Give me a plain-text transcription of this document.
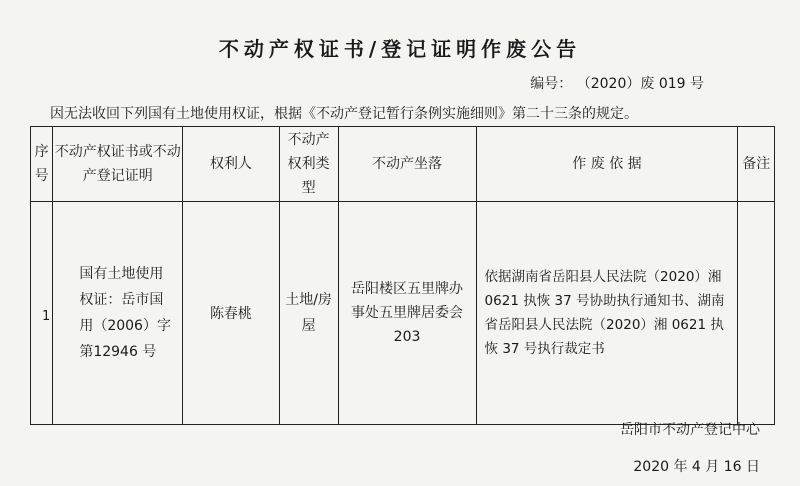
不动产权证书/登记证明作废公告
编号： （2020）废 019 号
因无法收回下列国有土地使用权证，根据《不动产登记暂行条例实施细则》第二十三条的规定。
序号	不动产权证书或不动产登记证明	权利人	不动产权利类型	不动产坐落	作 废 依 据	备注
1	国有土地使用权证：岳市国用（2006）字第12946 号	陈春桃	土地/房屋	岳阳楼区五里牌办事处五里牌居委会203	依据湖南省岳阳县人民法院（2020）湘 0621 执恢 37 号协助执行通知书、湖南省岳阳县人民法院（2020）湘 0621 执恢 37 号执行裁定书	
岳阳市不动产登记中心
2020 年 4 月 16 日
